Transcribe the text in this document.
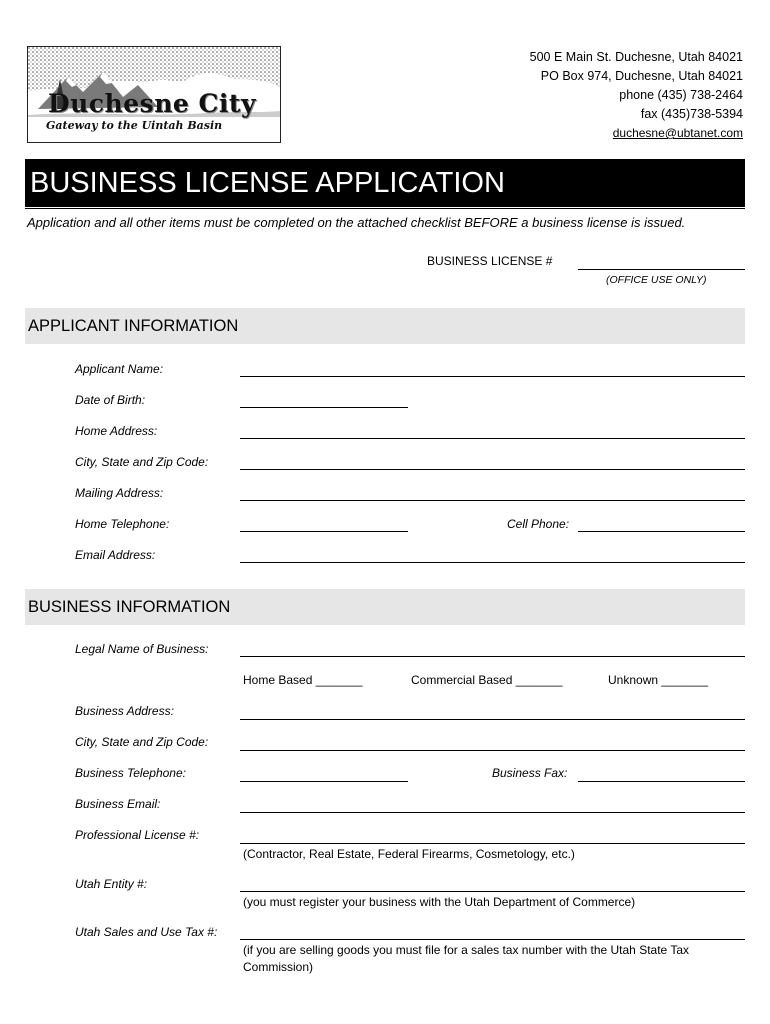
Duchesne City
Gateway to the Uintah Basin
500 E Main St. Duchesne, Utah 84021
PO Box 974, Duchesne, Utah 84021
phone (435) 738-2464
fax (435)738-5394
duchesne@ubtanet.com
BUSINESS LICENSE APPLICATION
Application and all other items must be completed on the attached checklist BEFORE a business license is issued.
BUSINESS LICENSE #
(OFFICE USE ONLY)
APPLICANT INFORMATION
Applicant Name:
Date of Birth:
Home Address:
City, State and Zip Code:
Mailing Address:
Home Telephone:	Cell Phone:
Email Address:
BUSINESS INFORMATION
Legal Name of Business:
Home Based _______	Commercial Based _______	Unknown _______
Business Address:
City, State and Zip Code:
Business Telephone:	Business Fax:
Business Email:
Professional License #:
(Contractor, Real Estate, Federal Firearms, Cosmetology, etc.)
Utah Entity #:
(you must register your business with the Utah Department of Commerce)
Utah Sales and Use Tax #:
(if you are selling goods you must file for a sales tax number with the Utah State Tax
Commission)
